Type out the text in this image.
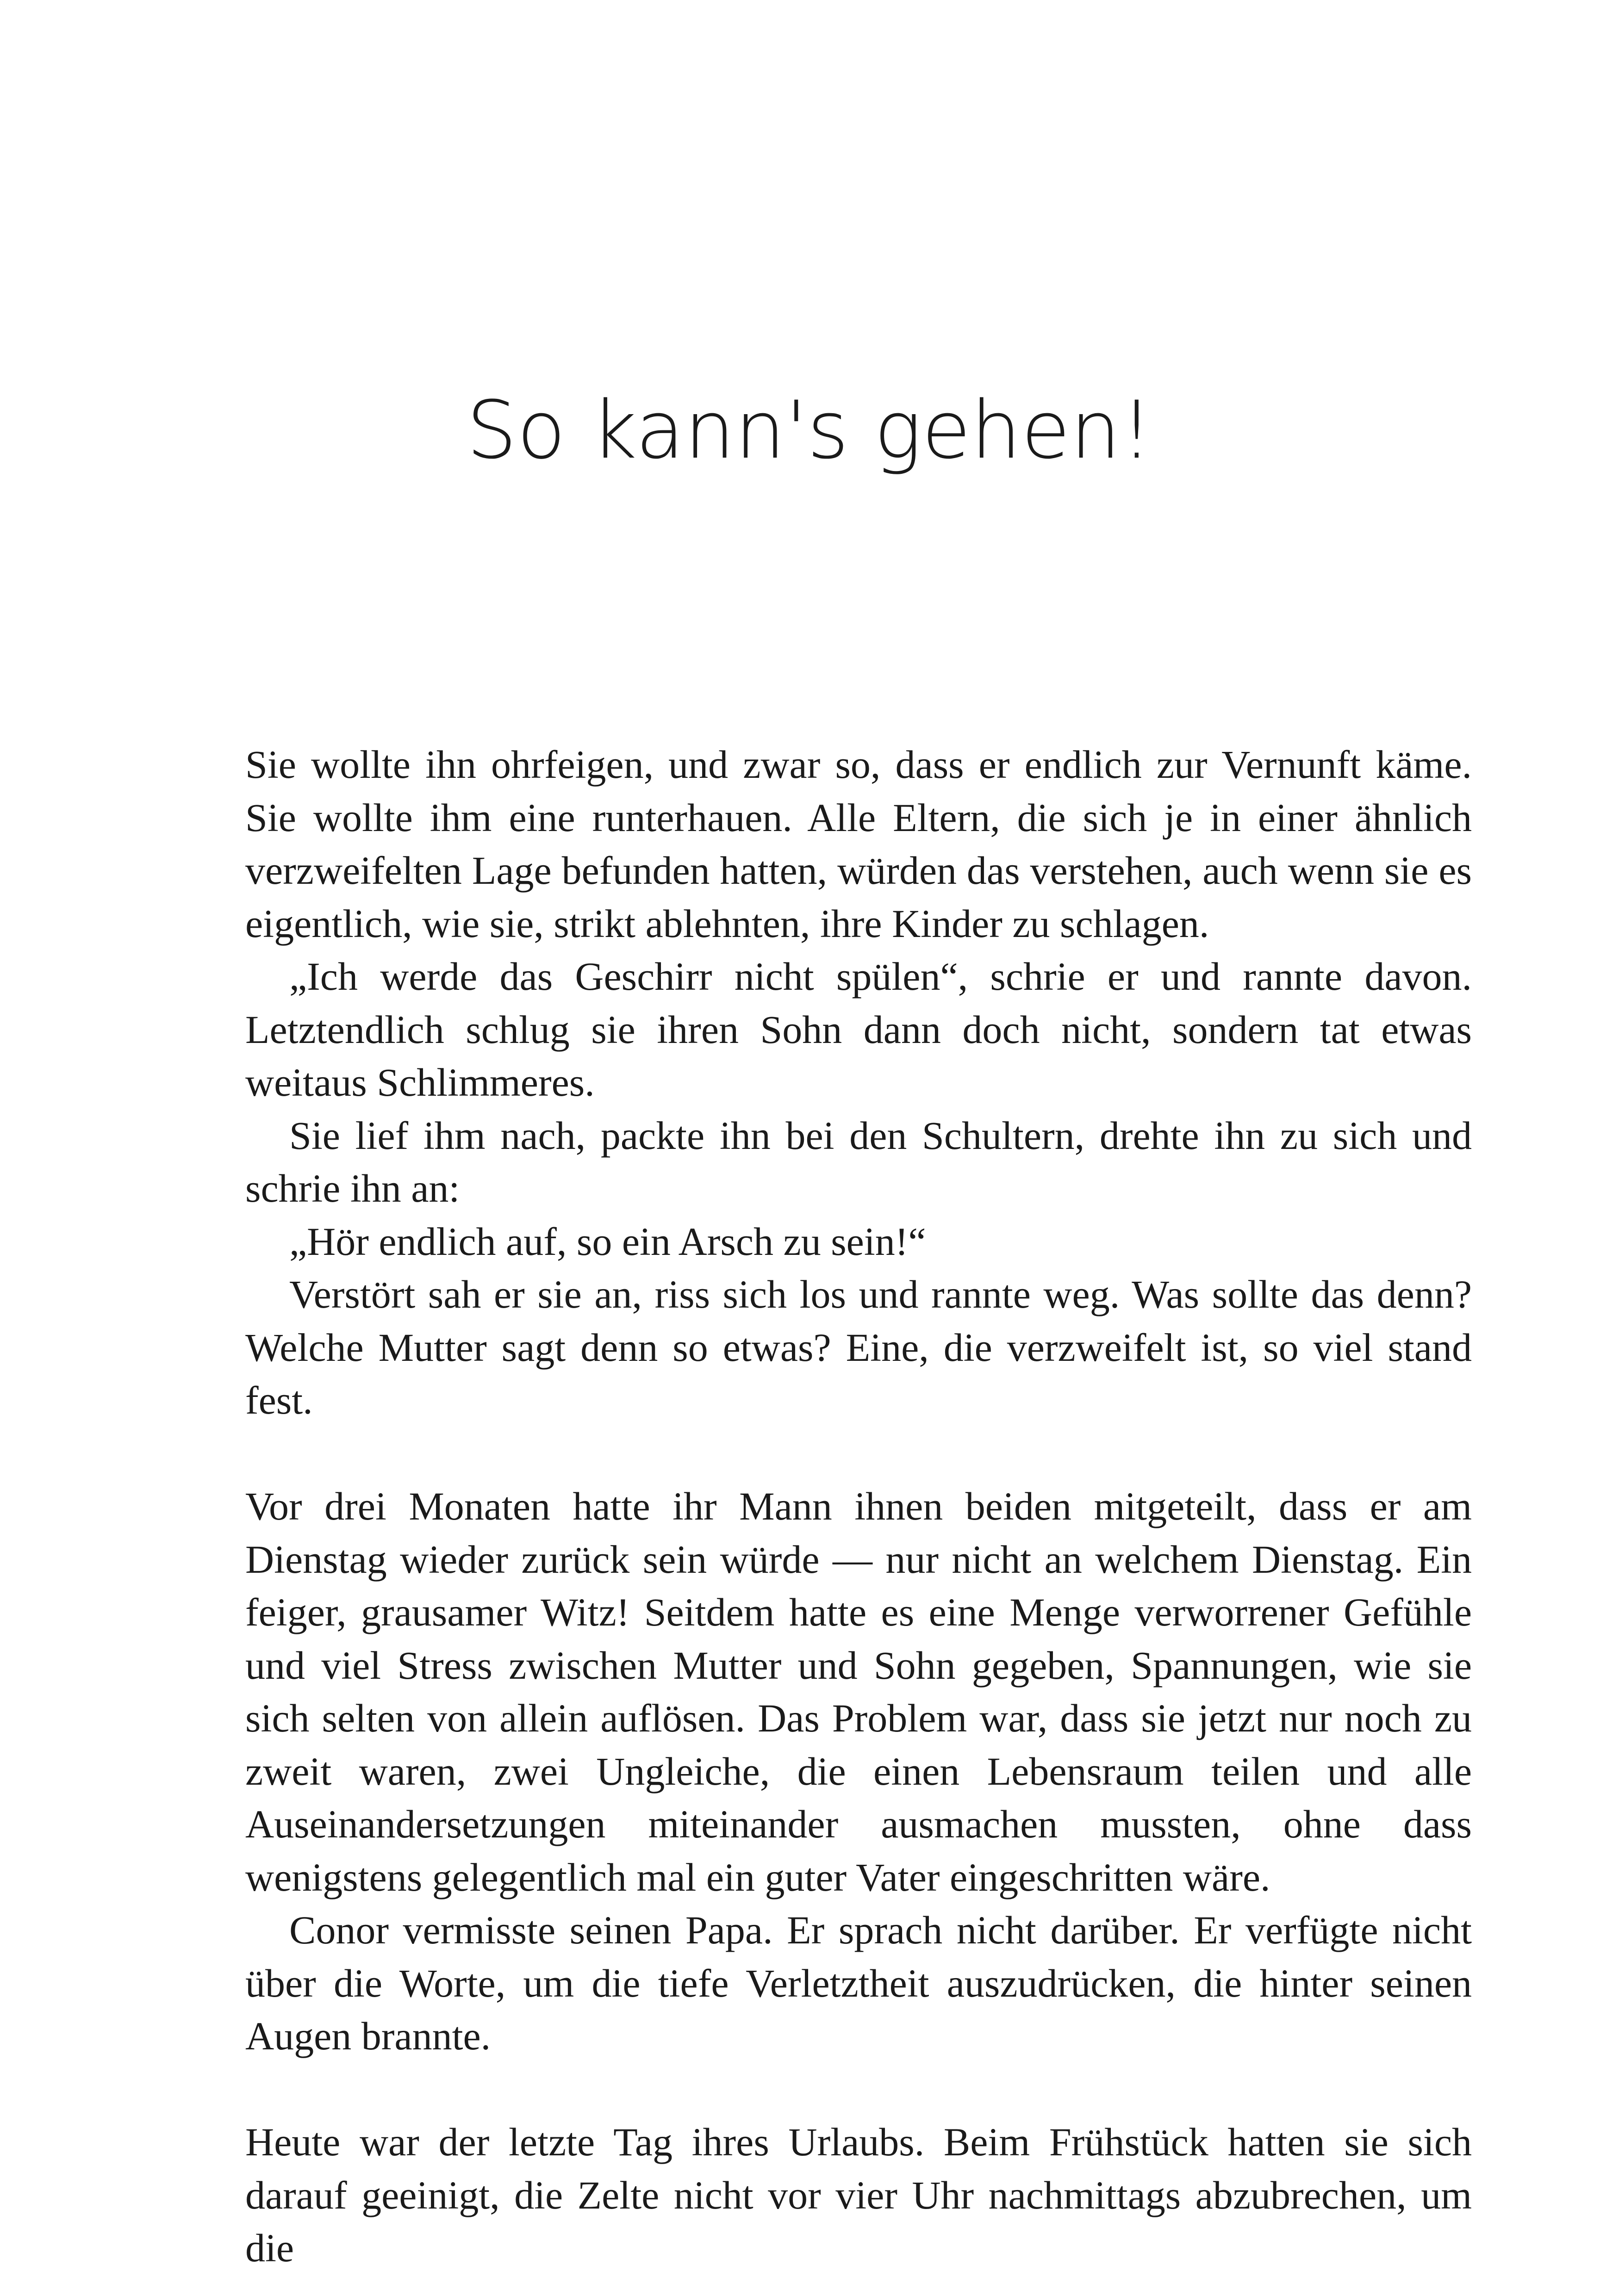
So kann's gehen!

Sie wollte ihn ohrfeigen, und zwar so, dass er endlich zur Vernunft käme. Sie wollte ihm eine runterhauen. Alle Eltern, die sich je in einer ähnlich verzweifelten Lage befunden hatten, würden das verstehen, auch wenn sie es eigentlich, wie sie, strikt ablehnten, ihre Kinder zu schlagen.

„Ich werde das Geschirr nicht spülen“, schrie er und rannte davon. Letztendlich schlug sie ihren Sohn dann doch nicht, sondern tat etwas weitaus Schlimmeres.

Sie lief ihm nach, packte ihn bei den Schultern, drehte ihn zu sich und schrie ihn an:

„Hör endlich auf, so ein Arsch zu sein!“

Verstört sah er sie an, riss sich los und rannte weg. Was sollte das denn? Welche Mutter sagt denn so etwas? Eine, die verzweifelt ist, so viel stand fest.

Vor drei Monaten hatte ihr Mann ihnen beiden mitgeteilt, dass er am Dienstag wieder zurück sein würde — nur nicht an welchem Dienstag. Ein feiger, grausamer Witz! Seitdem hatte es eine Menge verworrener Gefühle und viel Stress zwischen Mutter und Sohn gegeben, Spannungen, wie sie sich selten von allein auflösen. Das Problem war, dass sie jetzt nur noch zu zweit waren, zwei Ungleiche, die einen Lebensraum teilen und alle Auseinandersetzungen miteinander ausmachen mussten, ohne dass wenigstens gelegentlich mal ein guter Vater eingeschritten wäre.

Conor vermisste seinen Papa. Er sprach nicht darüber. Er verfügte nicht über die Worte, um die tiefe Verletztheit auszudrücken, die hinter seinen Augen brannte.

Heute war der letzte Tag ihres Urlaubs. Beim Frühstück hatten sie sich darauf geeinigt, die Zelte nicht vor vier Uhr nachmittags abzubrechen, um die
